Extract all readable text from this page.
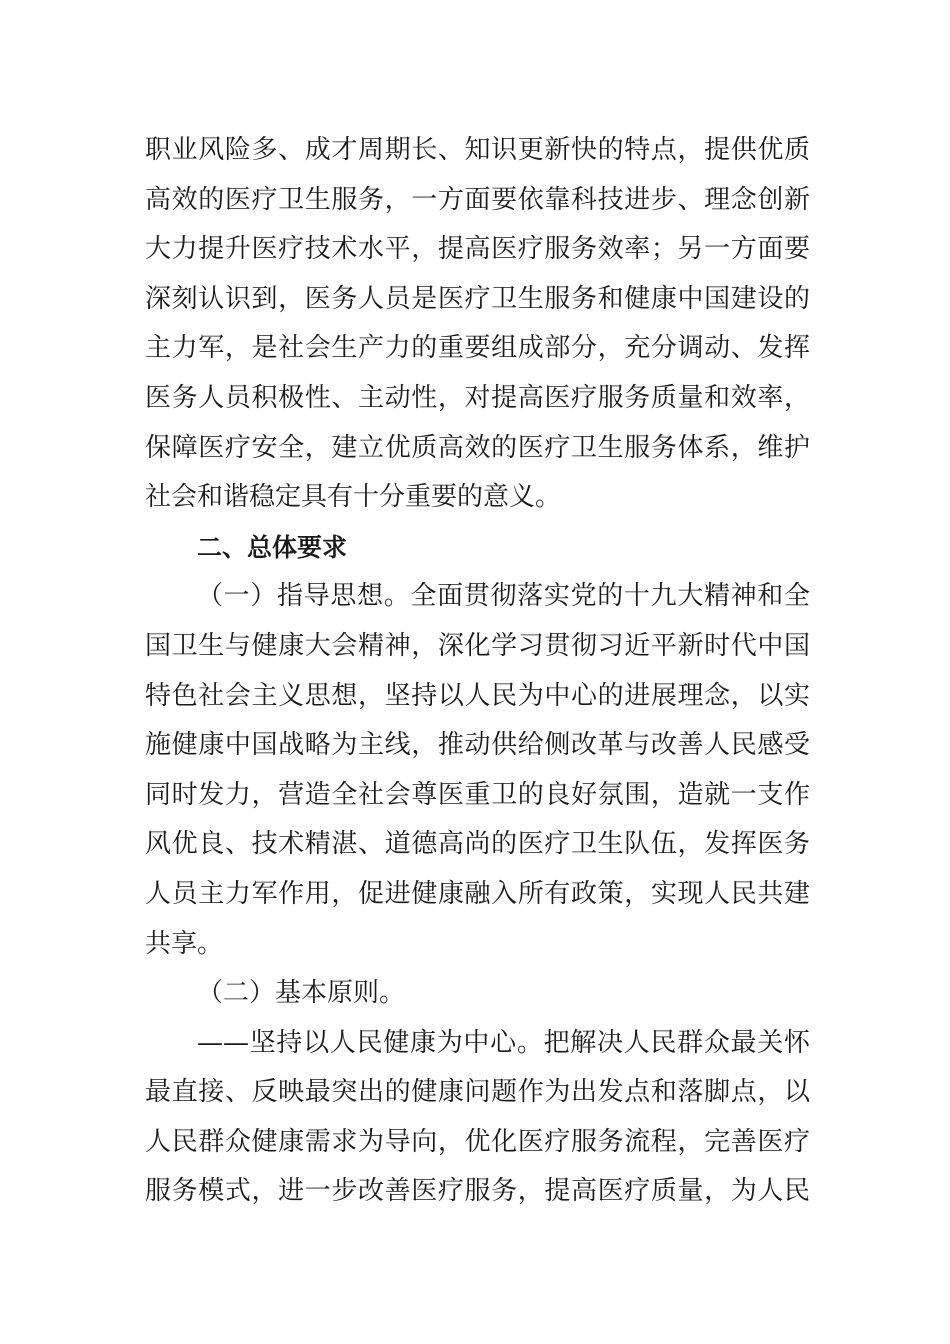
职业风险多、成才周期长、知识更新快的特点，提供优质
高效的医疗卫生服务，一方面要依靠科技进步、理念创新
大力提升医疗技术水平，提高医疗服务效率；另一方面要
深刻认识到，医务人员是医疗卫生服务和健康中国建设的
主力军，是社会生产力的重要组成部分，充分调动、发挥
医务人员积极性、主动性，对提高医疗服务质量和效率，
保障医疗安全，建立优质高效的医疗卫生服务体系，维护
社会和谐稳定具有十分重要的意义。
二、总体要求
（一）指导思想。全面贯彻落实党的十九大精神和全
国卫生与健康大会精神，深化学习贯彻习近平新时代中国
特色社会主义思想，坚持以人民为中心的进展理念，以实
施健康中国战略为主线，推动供给侧改革与改善人民感受
同时发力，营造全社会尊医重卫的良好氛围，造就一支作
风优良、技术精湛、道德高尚的医疗卫生队伍，发挥医务
人员主力军作用，促进健康融入所有政策，实现人民共建
共享。
（二）基本原则。
——坚持以人民健康为中心。把解决人民群众最关怀
最直接、反映最突出的健康问题作为出发点和落脚点，以
人民群众健康需求为导向，优化医疗服务流程，完善医疗
服务模式，进一步改善医疗服务，提高医疗质量，为人民
